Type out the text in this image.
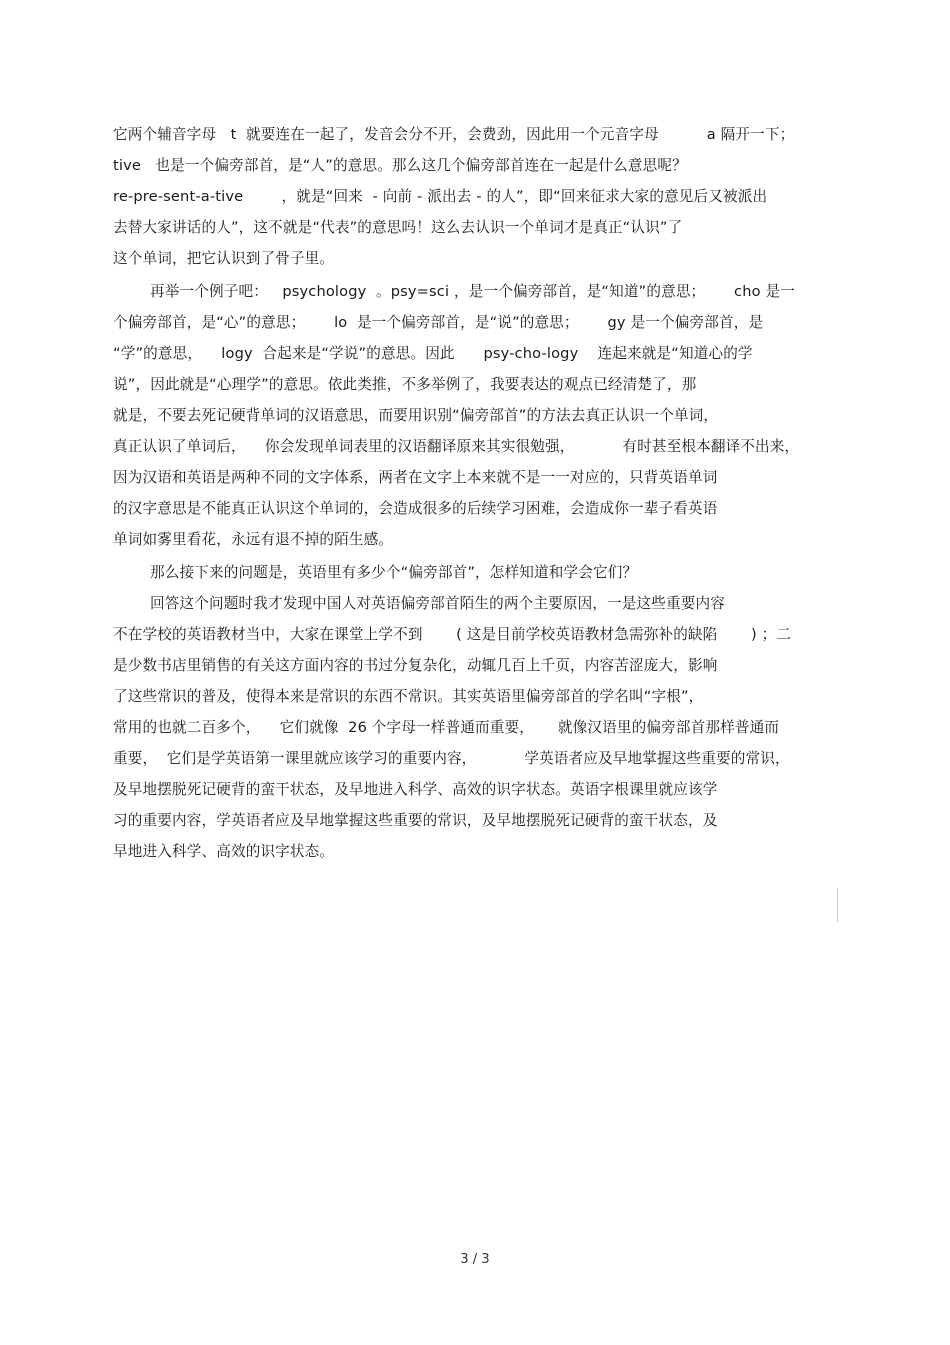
它两个辅音字母   t  就要连在一起了，发音会分不开，会费劲，因此用一个元音字母          a 隔开一下；
tive   也是一个偏旁部首，是“人”的意思。那么这几个偏旁部首连在一起是什么意思呢？
re-pre-sent-a-tive        ，就是“回来  - 向前 - 派出去 - 的人”，即“回来征求大家的意见后又被派出
去替大家讲话的人”，这不就是“代表”的意思吗！这么去认识一个单词才是真正“认识”了
这个单词，把它认识到了骨子里。
再举一个例子吧：   psychology  。psy=sci ，是一个偏旁部首，是“知道”的意思；      cho 是一
个偏旁部首，是“心”的意思；      lo  是一个偏旁部首，是“说”的意思；      gy 是一个偏旁部首，是
“学”的意思，    logy  合起来是“学说”的意思。因此      psy-cho-logy    连起来就是“知道心的学
说”，因此就是“心理学”的意思。依此类推，不多举例了，我要表达的观点已经清楚了，那
就是，不要去死记硬背单词的汉语意思，而要用识别“偏旁部首”的方法去真正认识一个单词，
真正认识了单词后，    你会发现单词表里的汉语翻译原来其实很勉强，          有时甚至根本翻译不出来，
因为汉语和英语是两种不同的文字体系，两者在文字上本来就不是一一对应的，只背英语单词
的汉字意思是不能真正认识这个单词的，会造成很多的后续学习困难，会造成你一辈子看英语
单词如雾里看花，永远有退不掉的陌生感。
那么接下来的问题是，英语里有多少个“偏旁部首”，怎样知道和学会它们？
回答这个问题时我才发现中国人对英语偏旁部首陌生的两个主要原因，一是这些重要内容
不在学校的英语教材当中，大家在课堂上学不到       ( 这是目前学校英语教材急需弥补的缺陷       ) ；二
是少数书店里销售的有关这方面内容的书过分复杂化，动辄几百上千页，内容苦涩庞大，影响
了这些常识的普及，使得本来是常识的东西不常识。其实英语里偏旁部首的学名叫“字根”，
常用的也就二百多个，    它们就像  26 个字母一样普通而重要，     就像汉语里的偏旁部首那样普通而
重要，  它们是学英语第一课里就应该学习的重要内容，          学英语者应及早地掌握这些重要的常识，
及早地摆脱死记硬背的蛮干状态，及早地进入科学、高效的识字状态。英语字根课里就应该学
习的重要内容，学英语者应及早地掌握这些重要的常识，及早地摆脱死记硬背的蛮干状态，及
早地进入科学、高效的识字状态。
3 / 3
